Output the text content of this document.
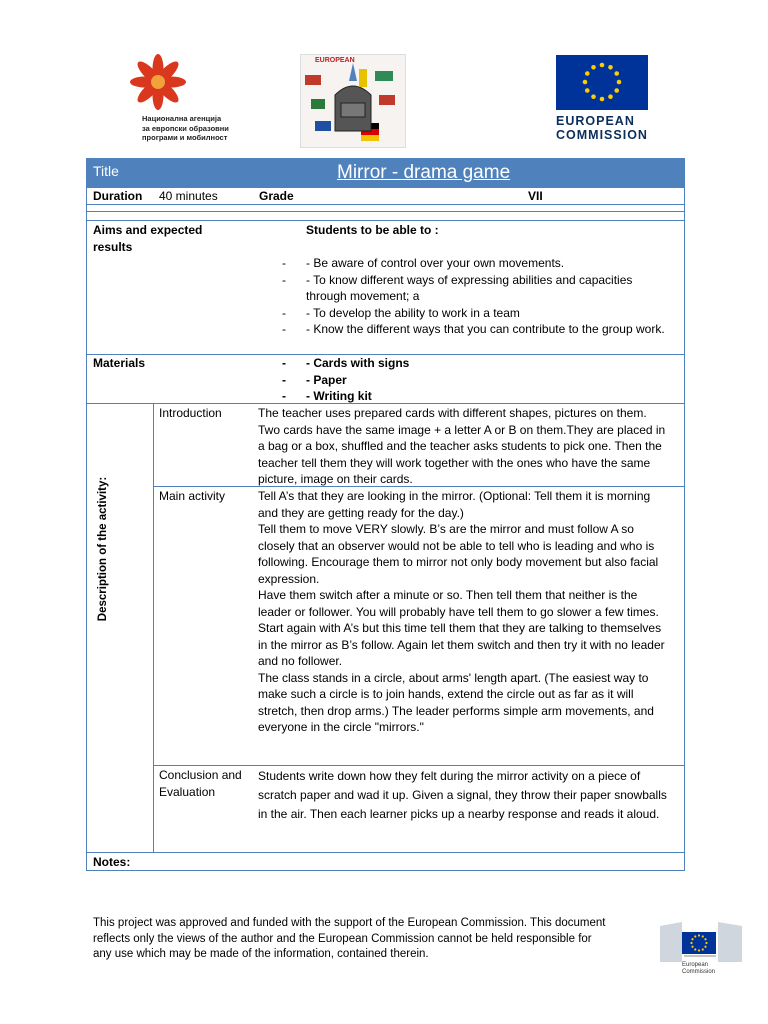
Национална агенција
за европски образовни
програми и мобилност
EUROPEAN
EUROPEAN
COMMISSION
Title	Mirror - drama game
Duration 40 minutes	Grade	VII
Aims and expected results
Students to be able to :
- - Be aware of control over your own movements.
- - To know different ways of expressing abilities and capacities through movement; a
- - To develop the ability to work in a team
- - Know the different ways that you can contribute to the group work.
Materials
-	- Cards with signs
- - Paper
- - Writing kit
Description of the activity:
Introduction	The teacher uses prepared cards with different shapes, pictures on them. Two cards have the same image + a letter A or B on them.They are placed in a bag or a box, shuffled and the teacher asks students to pick one. Then the teacher tell them they will work together with the ones who have the same picture, image on their cards.
Main activity	Tell A’s that they are looking in the mirror. (Optional: Tell them it is morning and they are getting ready for the day.)
Tell them to move VERY slowly. B’s are the mirror and must follow A so closely that an observer would not be able to tell who is leading and who is following. Encourage them to mirror not only body movement but also facial expression.
Have them switch after a minute or so. Then tell them that neither is the leader or follower. You will probably have tell them to go slower a few times.
Start again with A’s but this time tell them that they are talking to themselves in the mirror as B’s follow. Again let them switch and then try it with no leader and no follower.
The class stands in a circle, about arms' length apart. (The easiest way to make such a circle is to join hands, extend the circle out as far as it will stretch, then drop arms.) The leader performs simple arm movements, and everyone in the circle "mirrors."
Conclusion and Evaluation
Students write down how they felt during the mirror activity on a piece of scratch paper and wad it up. Given a signal, they throw their paper snowballs in the air. Then each learner picks up a nearby response and reads it aloud.
Notes:
This project was approved and funded with the support of the European Commission. This document reflects only the views of the author and the European Commission cannot be held responsible for any use which may be made of the information, contained therein.
European
Commission
